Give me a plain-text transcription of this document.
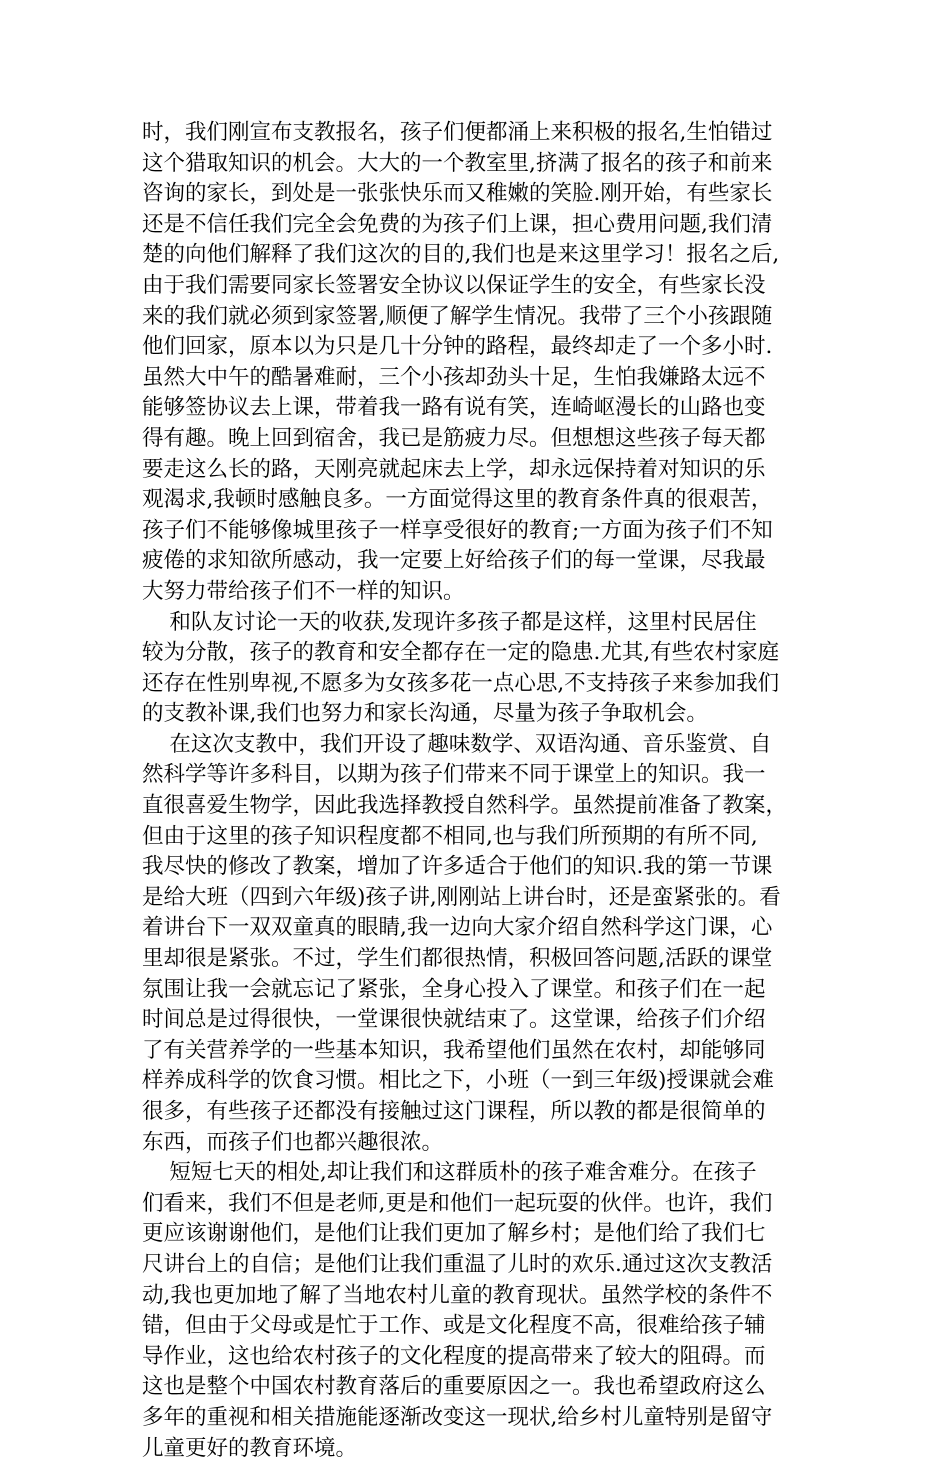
时，我们刚宣布支教报名，孩子们便都涌上来积极的报名,生怕错过
这个猎取知识的机会。大大的一个教室里,挤满了报名的孩子和前来
咨询的家长，到处是一张张快乐而又稚嫩的笑脸.刚开始，有些家长
还是不信任我们完全会免费的为孩子们上课，担心费用问题,我们清
楚的向他们解释了我们这次的目的,我们也是来这里学习！报名之后,
由于我们需要同家长签署安全协议以保证学生的安全，有些家长没
来的我们就必须到家签署,顺便了解学生情况。我带了三个小孩跟随
他们回家，原本以为只是几十分钟的路程，最终却走了一个多小时.
虽然大中午的酷暑难耐，三个小孩却劲头十足，生怕我嫌路太远不
能够签协议去上课，带着我一路有说有笑，连崎岖漫长的山路也变
得有趣。晚上回到宿舍，我已是筋疲力尽。但想想这些孩子每天都
要走这么长的路，天刚亮就起床去上学，却永远保持着对知识的乐
观渴求,我顿时感触良多。一方面觉得这里的教育条件真的很艰苦，
孩子们不能够像城里孩子一样享受很好的教育;一方面为孩子们不知
疲倦的求知欲所感动，我一定要上好给孩子们的每一堂课，尽我最
大努力带给孩子们不一样的知识。
和队友讨论一天的收获,发现许多孩子都是这样，这里村民居住
较为分散，孩子的教育和安全都存在一定的隐患.尤其,有些农村家庭
还存在性别卑视,不愿多为女孩多花一点心思,不支持孩子来参加我们
的支教补课,我们也努力和家长沟通，尽量为孩子争取机会。
在这次支教中，我们开设了趣味数学、双语沟通、音乐鉴赏、自
然科学等许多科目，以期为孩子们带来不同于课堂上的知识。我一
直很喜爱生物学，因此我选择教授自然科学。虽然提前准备了教案，
但由于这里的孩子知识程度都不相同,也与我们所预期的有所不同,
我尽快的修改了教案，增加了许多适合于他们的知识.我的第一节课
是给大班（四到六年级)孩子讲,刚刚站上讲台时，还是蛮紧张的。看
着讲台下一双双童真的眼睛,我一边向大家介绍自然科学这门课，心
里却很是紧张。不过，学生们都很热情，积极回答问题,活跃的课堂
氛围让我一会就忘记了紧张，全身心投入了课堂。和孩子们在一起
时间总是过得很快，一堂课很快就结束了。这堂课，给孩子们介绍
了有关营养学的一些基本知识，我希望他们虽然在农村，却能够同
样养成科学的饮食习惯。相比之下，小班（一到三年级)授课就会难
很多，有些孩子还都没有接触过这门课程，所以教的都是很简单的
东西，而孩子们也都兴趣很浓。
短短七天的相处,却让我们和这群质朴的孩子难舍难分。在孩子
们看来，我们不但是老师,更是和他们一起玩耍的伙伴。也许，我们
更应该谢谢他们，是他们让我们更加了解乡村；是他们给了我们七
尺讲台上的自信；是他们让我们重温了儿时的欢乐.通过这次支教活
动,我也更加地了解了当地农村儿童的教育现状。虽然学校的条件不
错，但由于父母或是忙于工作、或是文化程度不高，很难给孩子辅
导作业，这也给农村孩子的文化程度的提高带来了较大的阻碍。而
这也是整个中国农村教育落后的重要原因之一。我也希望政府这么
多年的重视和相关措施能逐渐改变这一现状,给乡村儿童特别是留守
儿童更好的教育环境。
